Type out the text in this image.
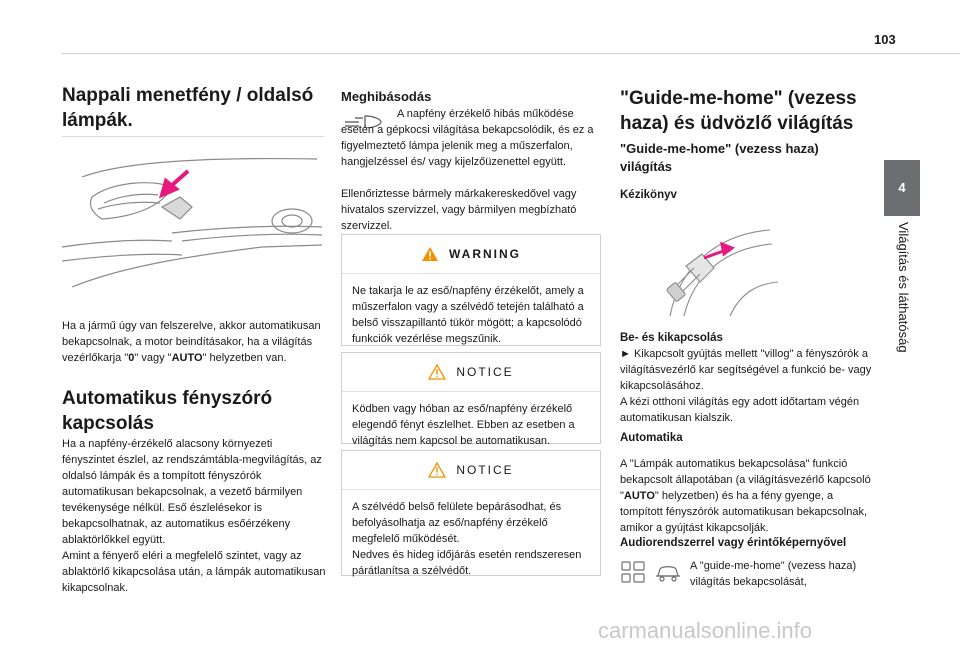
103
4
Világítás és láthatóság
Nappali menetfény / oldalsó lámpák.

Ha a jármű úgy van felszerelve, akkor automatikusan bekapcsolnak, a motor beindításakor, ha a világítás vezérlőkarja "0" vagy "AUTO" helyzetben van.

Automatikus fényszóró kapcsolás

Ha a napfény-érzékelő alacsony környezeti fényszintet észlel, az rendszámtábla-megvilágítás, az oldalsó lámpák és a tompított fényszórók automatikusan bekapcsolnak, a vezető bármilyen tevékenysége nélkül. Eső észlelésekor is bekapcsolhatnak, az automatikus esőérzékeny ablaktörlőkkel együtt.

Amint a fényerő eléri a megfelelő szintet, vagy az ablaktörlő kikapcsolása után, a lámpák automatikusan kikapcsolnak.

Meghibásodás

A napfény érzékelő hibás működése esetén a gépkocsi világítása bekapcsolódik, és ez a figyelmeztető lámpa jelenik meg a műszerfalon, hangjelzéssel és/ vagy kijelzőüzenettel együtt.

Ellenőriztesse bármely márkakereskedővel vagy hivatalos szervizzel, vagy bármilyen megbízható szervizzel.

WARNING

Ne takarja le az eső/napfény érzékelőt, amely a műszerfalon vagy a szélvédő tetején található a belső visszapillantó tükör mögött; a kapcsolódó funkciók vezérlése megszűnik.

NOTICE

Ködben vagy hóban az eső/napfény érzékelő elegendő fényt észlelhet. Ebben az esetben a világítás nem kapcsol be automatikusan.

NOTICE

A szélvédő belső felülete bepárásodhat, és befolyásolhatja az eső/napfény érzékelő megfelelő működését.

Nedves és hideg időjárás esetén rendszeresen párátlanítsa a szélvédőt.

"Guide-me-home" (vezess haza) és üdvözlő világítás
"Guide-me-home" (vezess haza) világítás
Kézikönyv
Be- és kikapcsolás

► Kikapcsolt gyújtás mellett "villog" a fényszórók a világításvezérlő kar segítségével a funkció be- vagy kikapcsolásához.

A kézi otthoni világítás egy adott időtartam végén automatikusan kialszik.

Automatika

A "Lámpák automatikus bekapcsolása" funkció bekapcsolt állapotában (a világításvezérlő kapcsoló "AUTO" helyzetben) és ha a fény gyenge, a tompított fényszórók automatikusan bekapcsolnak, amikor a gyújtást kikapcsolják.

Audiorendszerrel vagy érintőképernyővel

A "guide-me-home" (vezess haza) világítás bekapcsolását,

carmanualsonline.info
